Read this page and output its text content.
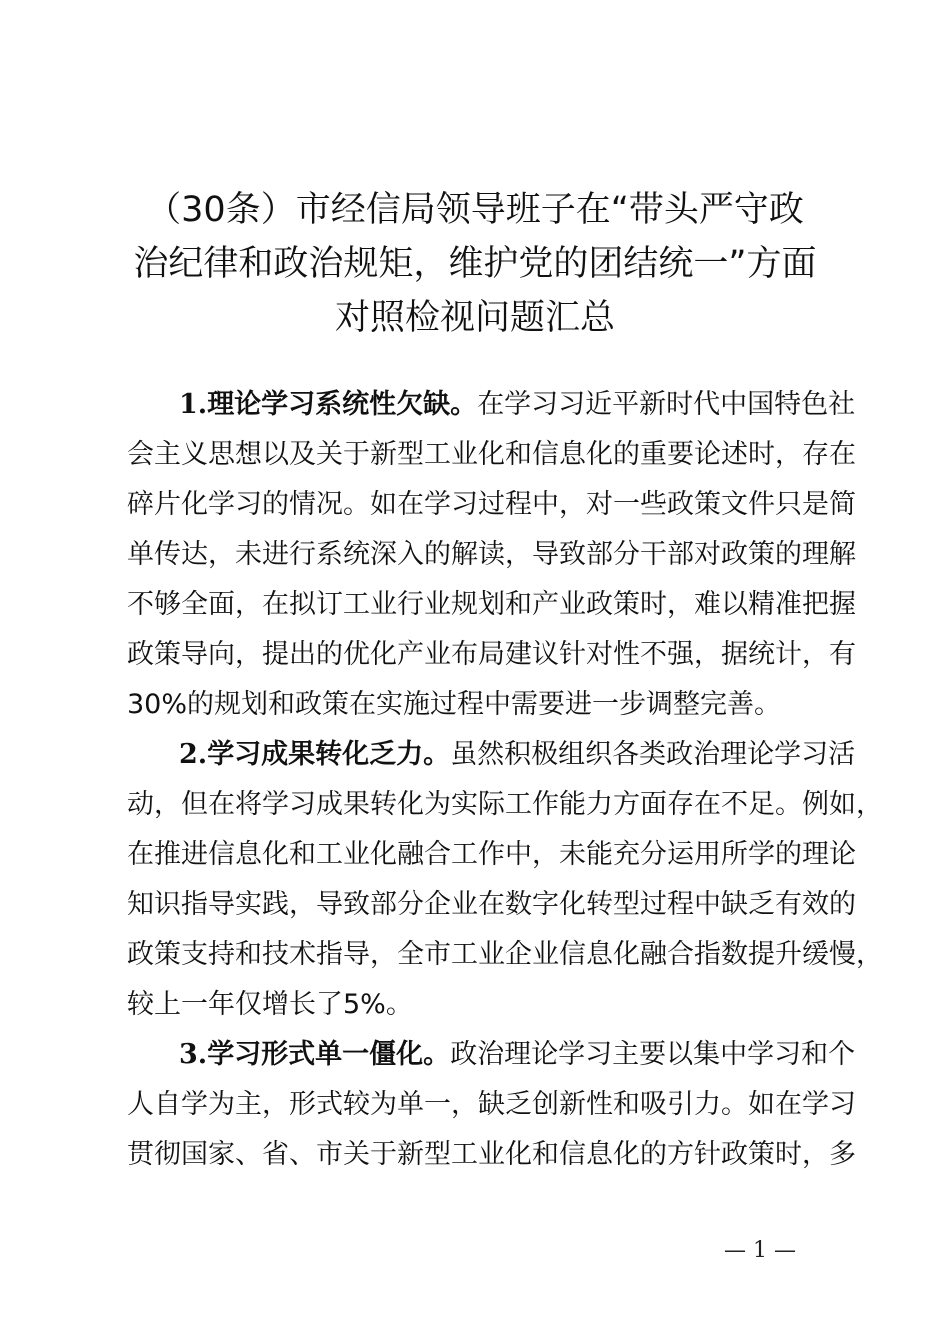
（30条）市经信局领导班子在“带头严守政
治纪律和政治规矩，维护党的团结统一”方面
对照检视问题汇总
1.理论学习系统性欠缺。在学习习近平新时代中国特色社
会主义思想以及关于新型工业化和信息化的重要论述时，存在
碎片化学习的情况。如在学习过程中，对一些政策文件只是简
单传达，未进行系统深入的解读，导致部分干部对政策的理解
不够全面，在拟订工业行业规划和产业政策时，难以精准把握
政策导向，提出的优化产业布局建议针对性不强，据统计，有
30%的规划和政策在实施过程中需要进一步调整完善。
2.学习成果转化乏力。虽然积极组织各类政治理论学习活
动，但在将学习成果转化为实际工作能力方面存在不足。例如，
在推进信息化和工业化融合工作中，未能充分运用所学的理论
知识指导实践，导致部分企业在数字化转型过程中缺乏有效的
政策支持和技术指导，全市工业企业信息化融合指数提升缓慢，
较上一年仅增长了5%。
3.学习形式单一僵化。政治理论学习主要以集中学习和个
人自学为主，形式较为单一，缺乏创新性和吸引力。如在学习
贯彻国家、省、市关于新型工业化和信息化的方针政策时，多
— 1 —
